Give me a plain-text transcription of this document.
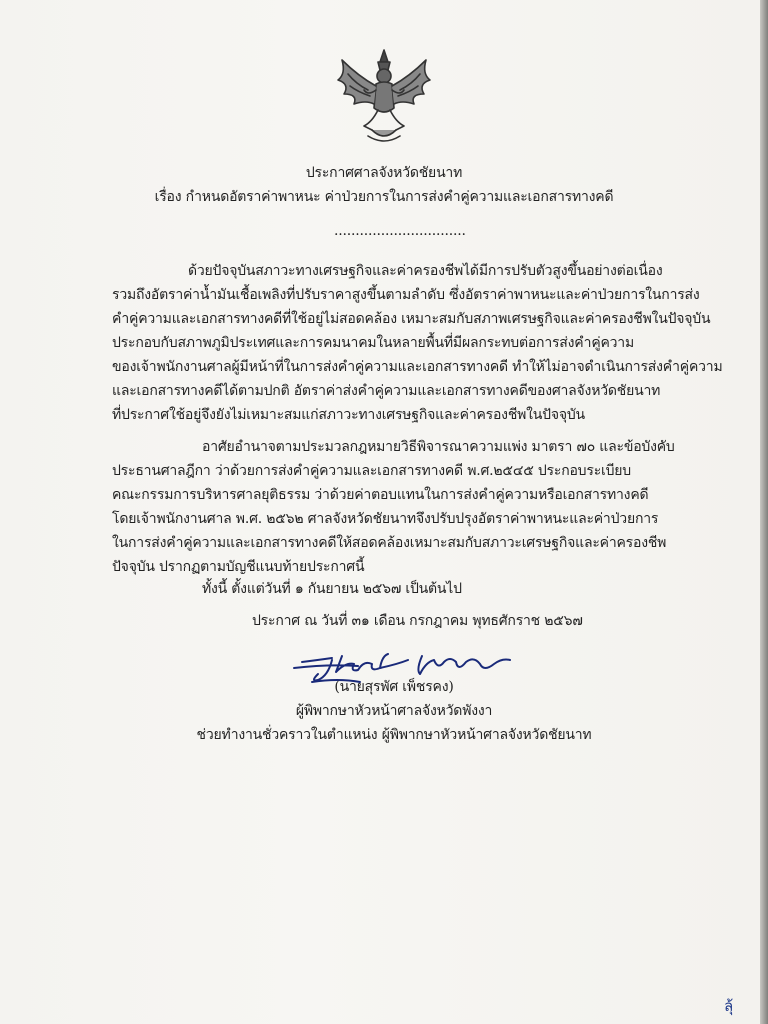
ประกาศศาลจังหวัดชัยนาท
เรื่อง กำหนดอัตราค่าพาหนะ ค่าป่วยการในการส่งคำคู่ความและเอกสารทางคดี
...............................
ด้วยปัจจุบันสภาวะทางเศรษฐกิจและค่าครองชีพได้มีการปรับตัวสูงขึ้นอย่างต่อเนื่อง
รวมถึงอัตราค่าน้ำมันเชื้อเพลิงที่ปรับราคาสูงขึ้นตามลำดับ ซึ่งอัตราค่าพาหนะและค่าป่วยการในการส่ง
คำคู่ความและเอกสารทางคดีที่ใช้อยู่ไม่สอดคล้อง เหมาะสมกับสภาพเศรษฐกิจและค่าครองชีพในปัจจุบัน
ประกอบกับสภาพภูมิประเทศและการคมนาคมในหลายพื้นที่มีผลกระทบต่อการส่งคำคู่ความ
ของเจ้าพนักงานศาลผู้มีหน้าที่ในการส่งคำคู่ความและเอกสารทางคดี ทำให้ไม่อาจดำเนินการส่งคำคู่ความ
และเอกสารทางคดีได้ตามปกติ อัตราค่าส่งคำคู่ความและเอกสารทางคดีของศาลจังหวัดชัยนาท
ที่ประกาศใช้อยู่จึงยังไม่เหมาะสมแก่สภาวะทางเศรษฐกิจและค่าครองชีพในปัจจุบัน
อาศัยอำนาจตามประมวลกฎหมายวิธีพิจารณาความแพ่ง มาตรา ๗๐ และข้อบังคับ
ประธานศาลฎีกา ว่าด้วยการส่งคำคู่ความและเอกสารทางคดี พ.ศ.๒๕๔๕ ประกอบระเบียบ
คณะกรรมการบริหารศาลยุติธรรม ว่าด้วยค่าตอบแทนในการส่งคำคู่ความหรือเอกสารทางคดี
โดยเจ้าพนักงานศาล พ.ศ. ๒๕๖๒ ศาลจังหวัดชัยนาทจึงปรับปรุงอัตราค่าพาหนะและค่าป่วยการ
ในการส่งคำคู่ความและเอกสารทางคดีให้สอดคล้องเหมาะสมกับสภาวะเศรษฐกิจและค่าครองชีพ
ปัจจุบัน ปรากฏตามบัญชีแนบท้ายประกาศนี้
ทั้งนี้ ตั้งแต่วันที่ ๑ กันยายน ๒๕๖๗ เป็นต้นไป
ประกาศ ณ วันที่ ๓๑ เดือน กรกฎาคม พุทธศักราช ๒๕๖๗
(นายสุรพัศ เพ็ชรคง)
ผู้พิพากษาหัวหน้าศาลจังหวัดพังงา
ช่วยทำงานชั่วคราวในตำแหน่ง ผู้พิพากษาหัวหน้าศาลจังหวัดชัยนาท
ลุ้
